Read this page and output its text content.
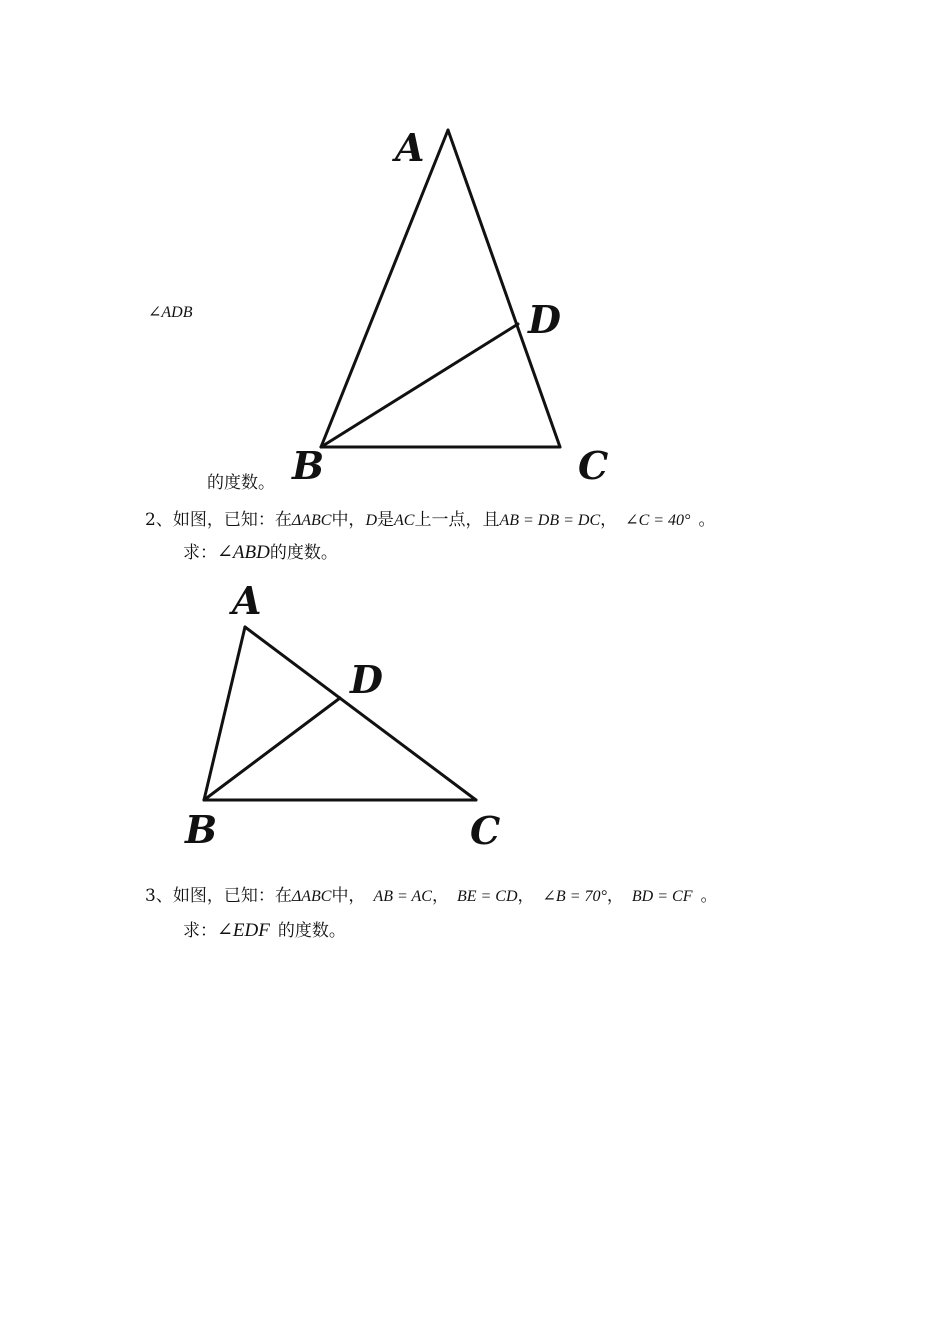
A
D
B	C
∠ADB
的度数。
2、如图，已知：在ΔABC中，D是AC上一点，且AB = DB = DC， ∠C = 40° 。
求：∠ABD的度数。
A
D
B	C
3、如图，已知：在ΔABC中， AB = AC， BE = CD， ∠B = 70°， BD = CF 。
求：∠EDF 的度数。
